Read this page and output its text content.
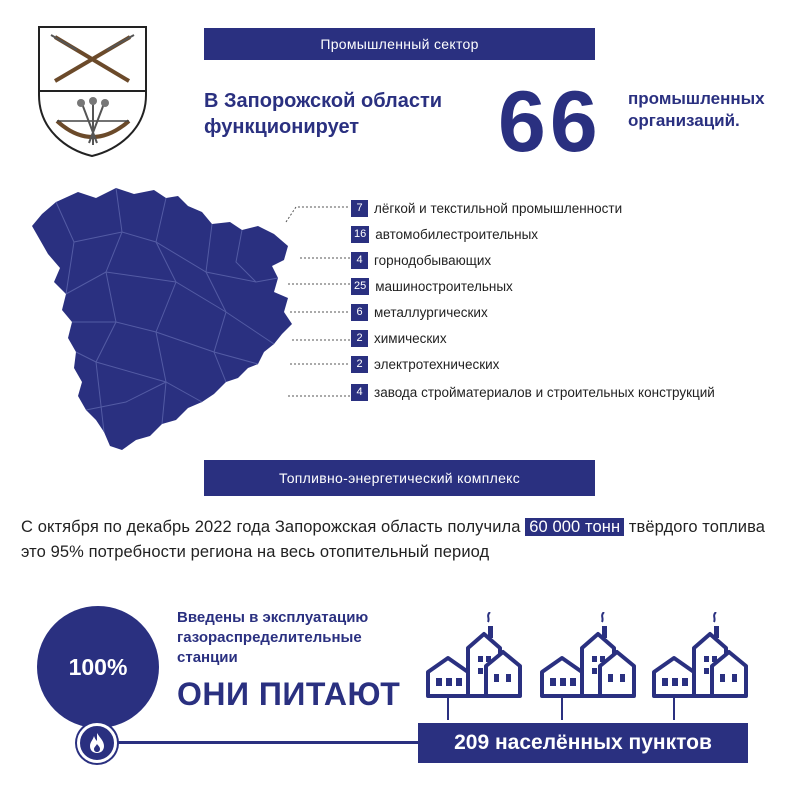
Промышленный сектор
В Запорожской области функционирует	66 промышленных организаций.
7 лёгкой и текстильной промышленности
16 автомобилестроительных
4 горнодобывающих
25 машиностроительных
6 металлургических
2 химических
2 электротехнических
4 завода стройматериалов и строительных конструкций
Топливно-энергетический комплекс
С октября по декабрь 2022 года Запорожская область получила 60 000 тонн твёрдого топлива это 95% потребности региона на весь отопительный период
100%
Введены в эксплуатацию газораспределительные станции
ОНИ ПИТАЮТ
209 населённых пунктов
